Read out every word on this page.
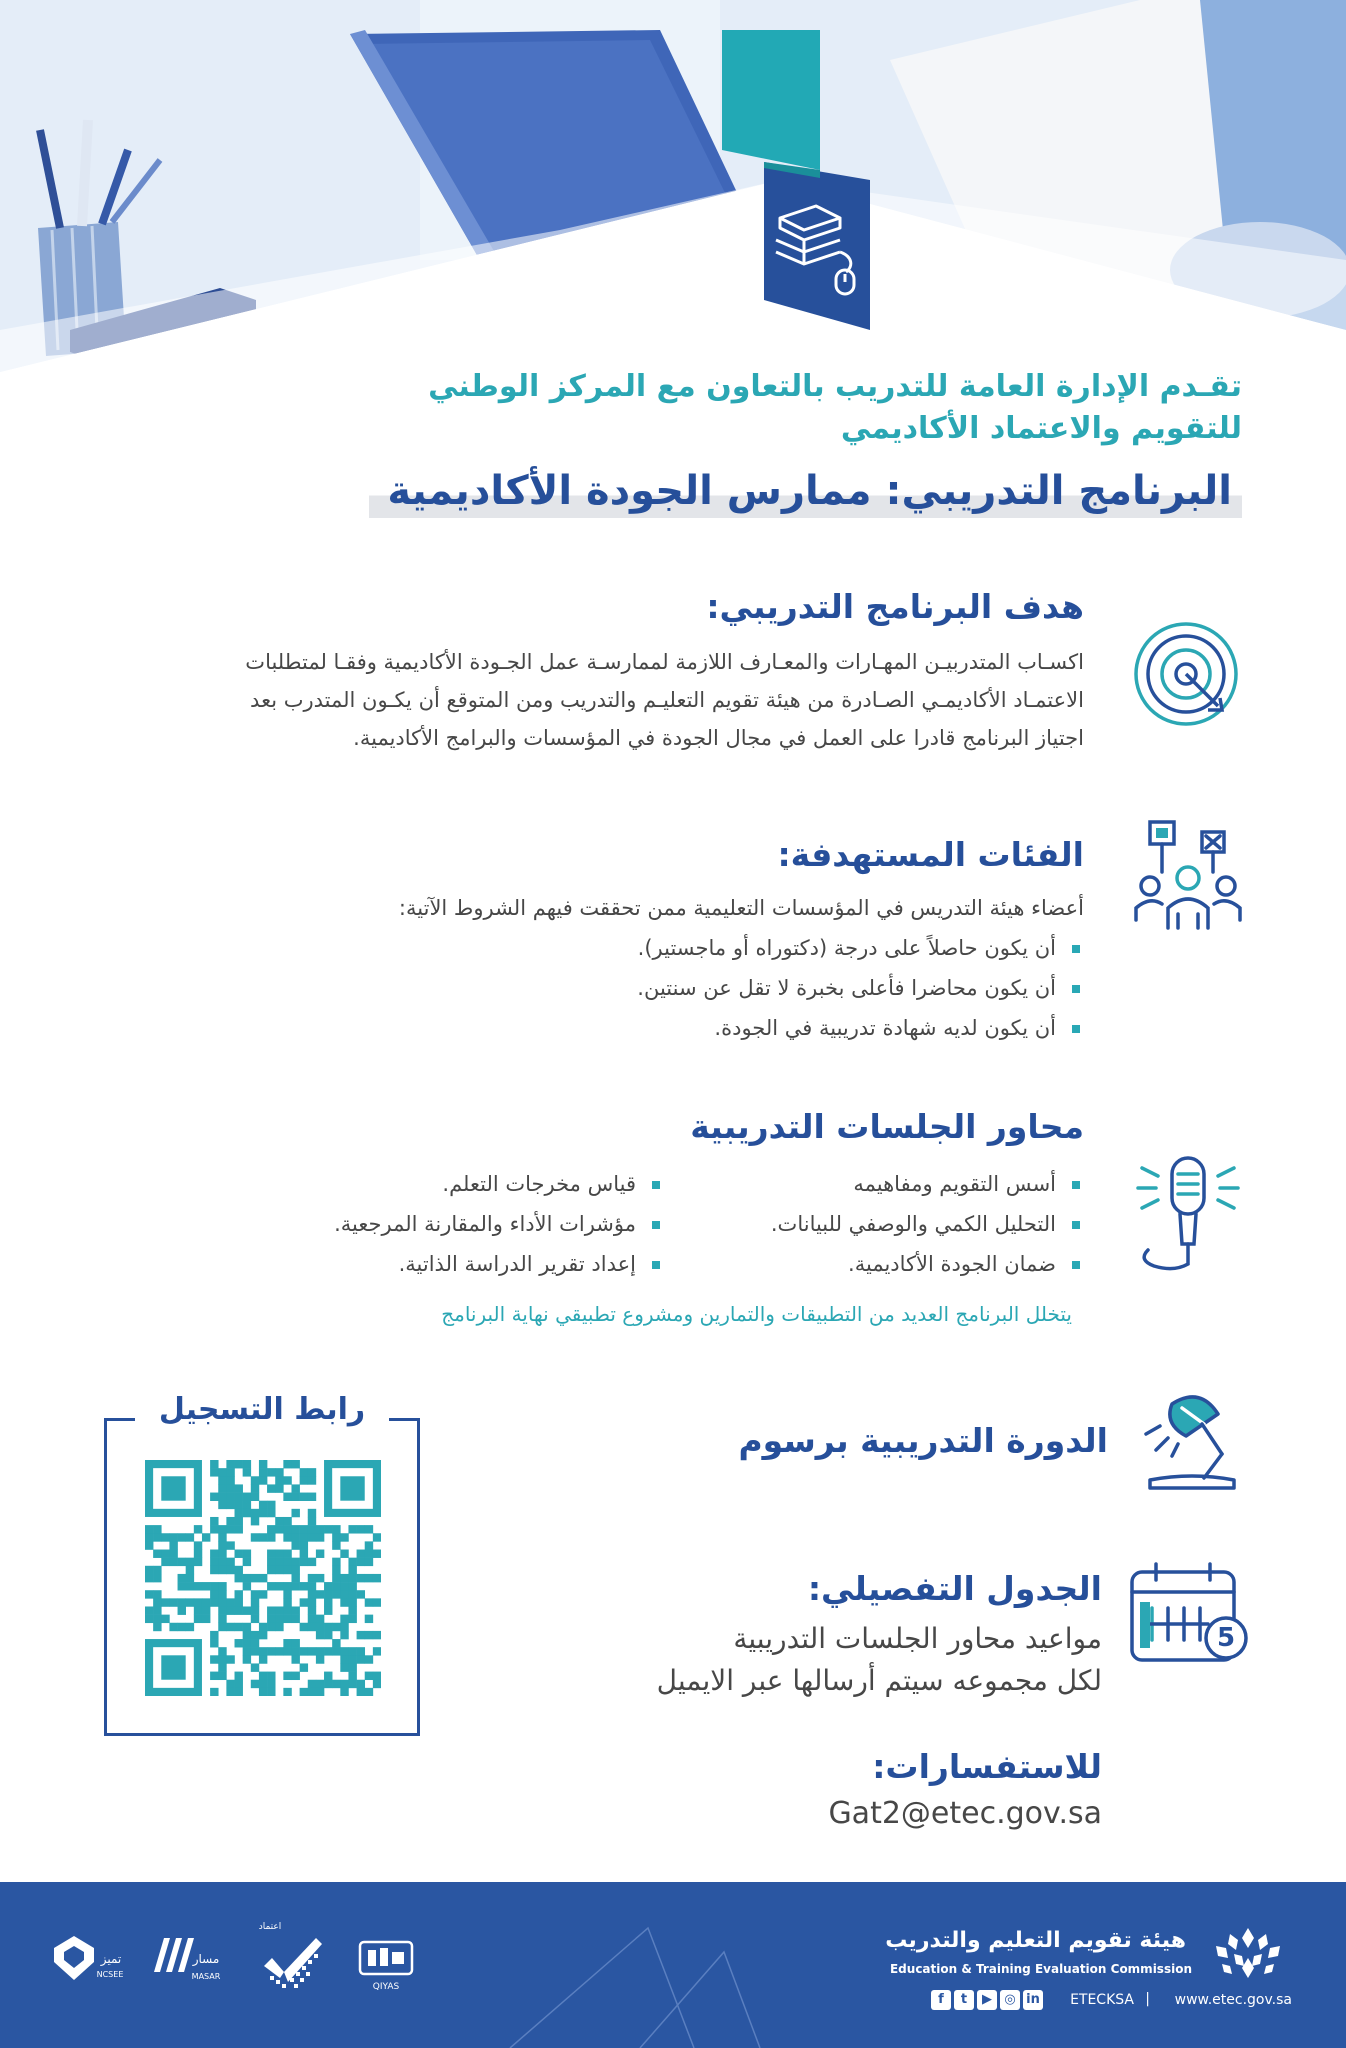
تقـدم الإدارة العامة للتدريب بالتعاون مع المركز الوطني
للتقويم والاعتماد الأكاديمي
البرنامج التدريبي: ممارس الجودة الأكاديمية
هدف البرنامج التدريبي:
اكسـاب المتدربيـن المهـارات والمعـارف اللازمة لممارسـة عمل الجـودة الأكاديمية وفقـا لمتطلبات
الاعتمـاد الأكاديمـي الصـادرة من هيئة تقويم التعليـم والتدريب ومن المتوقع أن يكـون المتدرب بعد
اجتياز البرنامج قادرا على العمل في مجال الجودة في المؤسسات والبرامج الأكاديمية.
الفئات المستهدفة:
أعضاء هيئة التدريس في المؤسسات التعليمية ممن تحققت فيهم الشروط الآتية:
أن يكون حاصلاً على درجة (دكتوراه أو ماجستير).
أن يكون محاضرا فأعلى بخبرة لا تقل عن سنتين.
أن يكون لديه شهادة تدريبية في الجودة.
محاور الجلسات التدريبية
أسس التقويم ومفاهيمه
التحليل الكمي والوصفي للبيانات.
ضمان الجودة الأكاديمية.
قياس مخرجات التعلم.
مؤشرات الأداء والمقارنة المرجعية.
إعداد تقرير الدراسة الذاتية.
يتخلل البرنامج العديد من التطبيقات والتمارين ومشروع تطبيقي نهاية البرنامج
الدورة التدريبية برسوم
رابط التسجيل
الجدول التفصيلي:
مواعيد محاور الجلسات التدريبية
لكل مجموعه سيتم أرسالها عبر الايميل
5
للاستفسارات:
Gat2@etec.gov.sa
هيئة تقويم التعليم والتدريب
Education & Training Evaluation Commission
www.etec.gov.sa
|
ETECKSA
in
◎
▶
t
f
QIYAS
اعتماد
مسار
MASAR
تميز
NCSEE
